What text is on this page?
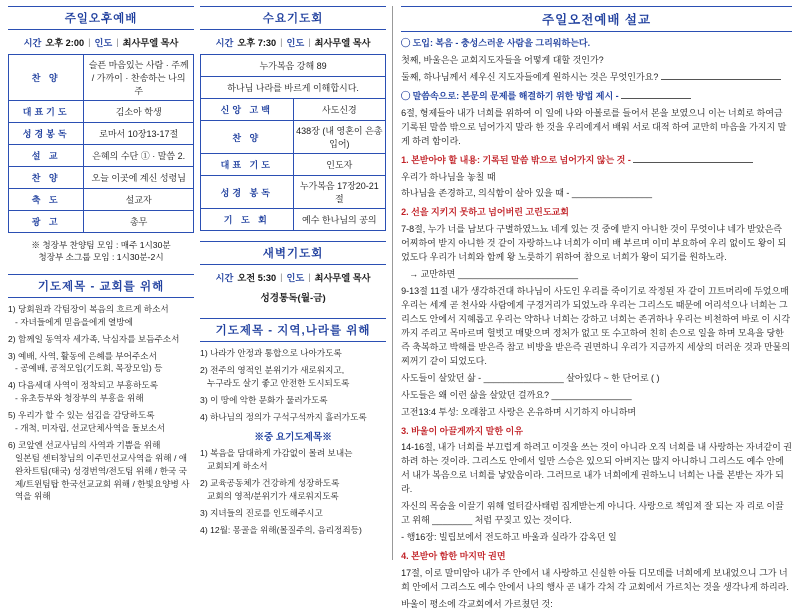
주일오후예배
시간 오후 2:00 | 인도 | 최사무엘 목사
찬 양	슬픈 마음있는 사람 · 주께 / 가까이 · 찬송하는 나의 주
대표기도	김소아 학생
성경봉독	로마서 10장13-17절
설 교	은혜의 수단 ① · 말씀 2.
찬 양	오늘 이곳에 계신 성령님
축 도	설교자
광 고	총무
※ 청장부 찬양팀 모임 : 매주 1시30분
청장부 소그룹 모임 : 1시30분-2시
기도제목 - 교회를 위해
1) 당회원과 각팀장이 복음의 흐르게 하소서
- 자녀들에게 믿음을에게 열방에
2) 함께일 동역자 세가족, 낙심자를 보듬주소서
3) 예배, 사역, 활동에 은혜를 부어주소서
- 공예배, 공적모임(기도회, 목장모임) 등
4) 다음세대 사역이 정착되고 부흥하도록
- 유초등부와 청장부의 부흥을 위해
5) 우리가 할 수 있는 섬김을 감당하도록
- 개척, 미자립, 선교단체사역을 돌보소서
6) 코앞엔 선교사님의 사역과 기쁨을 위해
일본팀 센터창님의 이주민선교사역을 위해 / 애완차트팀(태국) 성경번역/전도팀 위해 / 한국 국제/트윈팀탑 한국선교교회 위해 / 한빛요양병 사역을 위해
수요기도회
시간 오후 7:30 | 인도 | 최사무엘 목사
누가복음 강해 89	
하나님 나라를 바르게 이해합시다.	
신앙 고백	사도신경
찬 양	438장 (내 영혼이 은총입어)
대표 기도	인도자
성경 봉독	누가복음 17장20-21절
기 도 회	예수 한나님의 공의
새벽기도회
시간 오전 5:30 | 인도 | 최사무엘 목사
성경통독(월-금)
기도제목 - 지역,나라를 위해
1) 나라가 안정과 통합으로 나아가도록
2) 전주의 영적인 분위기가 새로워지고,
누구라도 살기 좋고 안전한 도시되도록
3) 이 땅에 악한 문화가 물러가도록
4) 하나님의 정의가 구석구석까지 흘러가도록
※중 요기도제목※
1) 복음을 담대하게 가감없이 몰려 보내는
교회되게 하소서
2) 교육공동체가 건강하게 성장하도록
교회의 영적/분위기가 새로워지도록
3) 지녀들의 진로를 인도해주시고
4) 12월: 몽골을 위해(몰질주의, 음리정죄등)
주일오전예배 설교

◯ 도입: 복음 - 충성스러운 사람을 그리워하는다.

첫째, 바울은은 교회지도자들을 어떻게 대할 것인가?

둘째, 하나님께서 세우신 지도자들에게 원하시는 것은 무엇인가요?

◯ 말씀속으로: 본문의 문제를 해결하기 위한 방법 제시 -

6절, 형제들아 내가 너희를 위하여 이 일에 나와 아볼로를 들어서 본을 보였으니 이는 너희로 하여금 기록된 말씀 밖으로 넘어가지 말라 한 것을 우리에게서 배워 서로 대적 하여 교만히 마음을 가지지 말게 하려 함이라.

1. 본받아야 할 내용: 기록된 말씀 밖으로 넘어가지 않는 것 -

우리가 하나님을 놓칠 때

하나님을 존경하고, 의식함이 살아 있을 때 - ________________

2. 선을 지키지 못하고 넘어버린 고린도교회

7-8절, 누가 너를 남보다 구별하였느뇨 네게 있는 것 중에 받지 아니한 것이 무엇이냐 네가 받았은즉 어찌하여 받지 아니한 것 같이 자랑하느냐 너희가 이미 배 부르며 이미 부요하여 우리 없이도 왕이 되었도다 우리가 너희와 함께 왕 노릇하기 위하여 참으로 너희가 왕이 되기를 원하노라.

→ 교만하면 ________________________

9-13절 11절 내가 생각하건대 하나님이 사도인 우리를 죽이기로 작정된 자 같이 끄트머리에 두었으매 우리는 세계 곧 천사와 사람에게 구경거리가 되었노라 우리는 그리스도 때문에 어리석으나 너희는 그리스도 안에서 지혜롭고 우리는 약하나 너희는 강하고 너희는 존귀하나 우리는 비천하여 바로 이 시각까지 주리고 목마르며 헐벗고 매맞으며 정처가 없고 또 수고하여 친히 손으로 일을 하며 모욕을 당한즉 축복하고 박해를 받은즉 참고 비방을 받은즉 권면하니 우리가 지금까지 세상의 더러운 것과 만물의 찌꺼기 같이 되었도다.

사도들이 살았던 삶 - ________________ 살아있다 ~ 한 단어로 ( )

사도들은 왜 이런 삶을 살았던 걸까요? ________________

고전13:4 투성: 오래참고 사랑은 온유하며 시기하지 아니하며

3. 바울이 아끌게까지 말한 이유

14-16절, 내가 너희를 부끄럽게 하려고 이것을 쓰는 것이 아니라 오직 너희를 내 사랑하는 자녀같이 권하려 하는 것이라. 그리스도 안에서 일만 스승은 있으되 아버지는 많지 아니하니 그리스도 예수 안에서 내가 복음으로 너희를 낳았음이라. 그러므로 내가 너희에게 권하노니 너희는 나를 본받는 자가 되라.

자신의 목숨을 이끌기 위해 얼터갈사태럼 집게받는게 아니다. 사랑으로 책임져 잘 되는 자 리로 이끌고 위해 ________ 처럼 꾸짖고 있는 것이다.

- 행16장: 빌립보에서 전도하고 바울과 실라가 감옥던 일

4. 본받아 함한 마지막 권면

17절, 이로 말미암아 내가 주 안에서 내 사랑하고 신실한 아들 디모데를 너희에게 보내었으니 그가 너희 안에서 그리스도 예수 안에서 나의 행사 곧 내가 각처 각 교회에서 가르치는 것을 생각나게 하리라.

바울이 평소에 각교회에서 가르쳤던 것:
